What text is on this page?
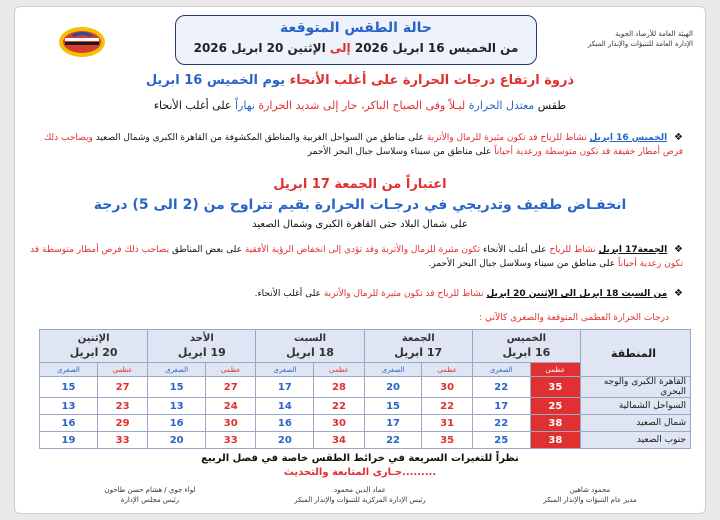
الهيئة العامة للأرصاد الجوية
الإدارة العامة للتنبؤات والإنذار المبكر
حالة الطقس المتوقعة
من الخميس 16 ابريل 2026 إلى الإثنين 20 ابريل 2026
ذروة ارتفاع درجات الحرارة على أغلب الأنحاء يوم الخميس 16 ابريل
طقس معتدل الحرارة ليـلاً وفى الصباح الباكر، حار إلى شديد الحرارة نهاراً على أغلب الأنحاء
❖ الخميس 16 ابريل نشاط للرياح قد تكون مثيرة للرمال والأتربة على مناطق من السواحل الغربية والمناطق المكشوفة من القاهرة الكبرى وشمال الصعيد ويصاحب ذلك فرص أمطار خفيفة قد تكون متوسطة ورعدية أحياناً على مناطق من سيناء وسلاسل جبال البحر الأحمر
اعتباراً من الجمعة 17 ابريل
انخفـاض طفيف وتدريجي في درجـات الحرارة بقيم تتراوح من (2 الى 5) درجة
على شمال البلاد حتى القاهرة الكبرى وشمال الصعيد
❖ الجمعة17 ابريل نشاط للرياح على أغلب الأنحاء تكون مثيرة للرمال والأتربة وقد تؤدي إلى انخفاض الرؤية الأفقية على بعض المناطق يصاحب ذلك فرص أمطار متوسطة قد تكون رعدية أحياناً على مناطق من سيناء وسلاسل جبال البحر الأحمر.
❖ من السبت 18 ابريل الى الإثنين 20 ابريل نشاط للرياح قد تكون مثيرة للرمال والأتربة على أغلب الأنحاء.
درجات الحرارة العظمى المتوقعة والصغرى كالآتي :
المنطقة	الخميس
16 ابريل		الجمعة
17 ابريل		السبت
18 ابريل		الأحد
19 ابريل		الإثنين
20 ابريل	

	عظمى	الصغرى	عظمى	الصغرى	عظمى	الصغرى	عظمى	الصغرى	عظمى	الصغرى
القاهرة الكبرى والوجه البحري	35	22	30	20	28	17	27	15	27	15
السواحل الشمالية	25	17	22	15	22	14	24	13	23	13
شمال الصعيد	38	22	31	17	30	16	30	16	29	16
جنوب الصعيد	38	25	35	22	34	20	33	20	33	19
نظراً للتغيرات السريعة في خرائط الطقس خاصة في فصل الربيع
.........جـارى المتابعة والتحديث
محمود شاهين
مدير عام التنبؤات والإنذار المبكر
عماد الدين محمود
رئيس الإدارة المركزية للتنبؤات والإنذار المبكر
لواء جوي / هشام حسن طاحون
رئيس مجلس الإدارة
